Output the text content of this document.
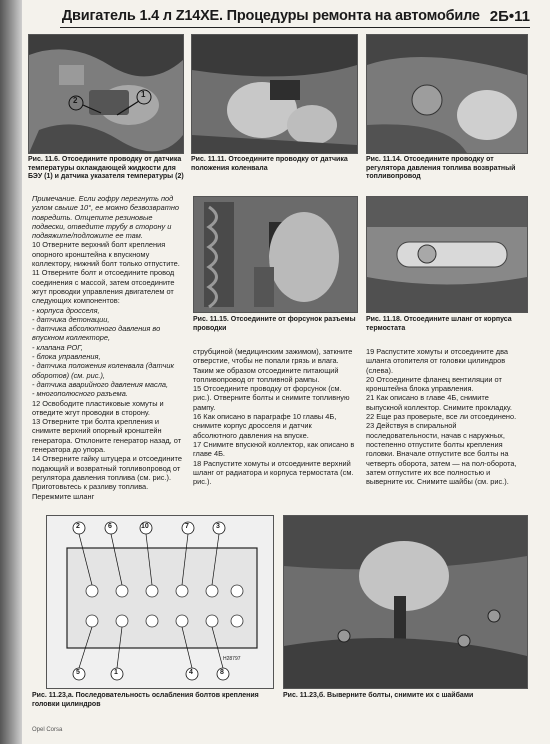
Двигатель 1.4 л Z14XE. Процедуры ремонта на автомобиле 2Б•11
1
2
Рис. 11.6. Отсоедините проводку от датчика температуры охлаждающей жидкости для БЭУ (1) и датчика указателя температуры (2)
Рис. 11.11. Отсоедините проводку от датчика положения коленвала
Рис. 11.14. Отсоедините проводку от регулятора давления топлива возвратный топливопровод

Примечание. Если гофру перегнуть под углом свыше 10°, ее можно безвозвратно повредить. Отцепите резиновые подвески, отведите трубу в сторону и подвяжите/подложите ее там.

10 Отверните верхний болт крепления опорного кронштейна к впускному коллектору, нижний болт только отпустите.

11 Отверните болт и отсоедините провод соединения с массой, затем отсоедините жгут проводки управления двигателем от следующих компонентов:

- корпуса дросселя,

- датчика детонации,

- датчика абсолютного давления во впускном коллекторе,

- клапана РОГ,

- блока управления,

- датчика положения коленвала (датчик оборотов) (см. рис.),

- датчика аварийного давления масла,

- многополюсного разъема.

12 Освободите пластиковые хомуты и отведите жгут проводки в сторону.

13 Отверните три болта крепления и снимите верхний опорный кронштейн генератора. Отклоните генератор назад, от генератора до упора.

14 Отверните гайку штуцера и отсоедините подающий и возвратный топливопровод от регулятора давления топлива (см. рис.). Приготовьтесь к разливу топлива. Пережмите шланг

Рис. 11.15. Отсоедините от форсунок разъемы проводки
Рис. 11.18. Отсоедините шланг от корпуса термостата

струбциной (медицинским зажимом), заткните отверстие, чтобы не попали грязь и влага. Таким же образом отсоедините питающий топливопровод от топливной рампы.

15 Отсоедините проводку от форсунок (см. рис.). Отверните болты и снимите топливную рампу.

16 Как описано в параграфе 10 главы 4Б, снимите корпус дросселя и датчик абсолютного давления на впуске.

17 Снимите впускной коллектор, как описано в главе 4Б.

18 Распустите хомуты и отсоедините верхний шланг от радиатора и корпуса термостата (см. рис.).

19 Распустите хомуты и отсоедините два шланга отопителя от головки цилиндров (слева).

20 Отсоедините фланец вентиляции от кронштейна блока управления.

21 Как описано в главе 4Б, снимите выпускной коллектор. Снимите прокладку.

22 Еще раз проверьте, все ли отсоединено.

23 Действуя в спиральной последовательности, начав с наружных, постепенно отпустите болты крепления головки. Вначале отпустите все болты на четверть оборота, затем — на пол-оборота, затем отпустите их все полностью и выверните их. Снимите шайбы (см. рис.).

2	6	10	7	3
5	1	4	8
H28797
Рис. 11.23,а. Последовательность ослабления болтов крепления головки цилиндров
Рис. 11.23,б. Выверните болты, снимите их с шайбами
Opel Corsa
